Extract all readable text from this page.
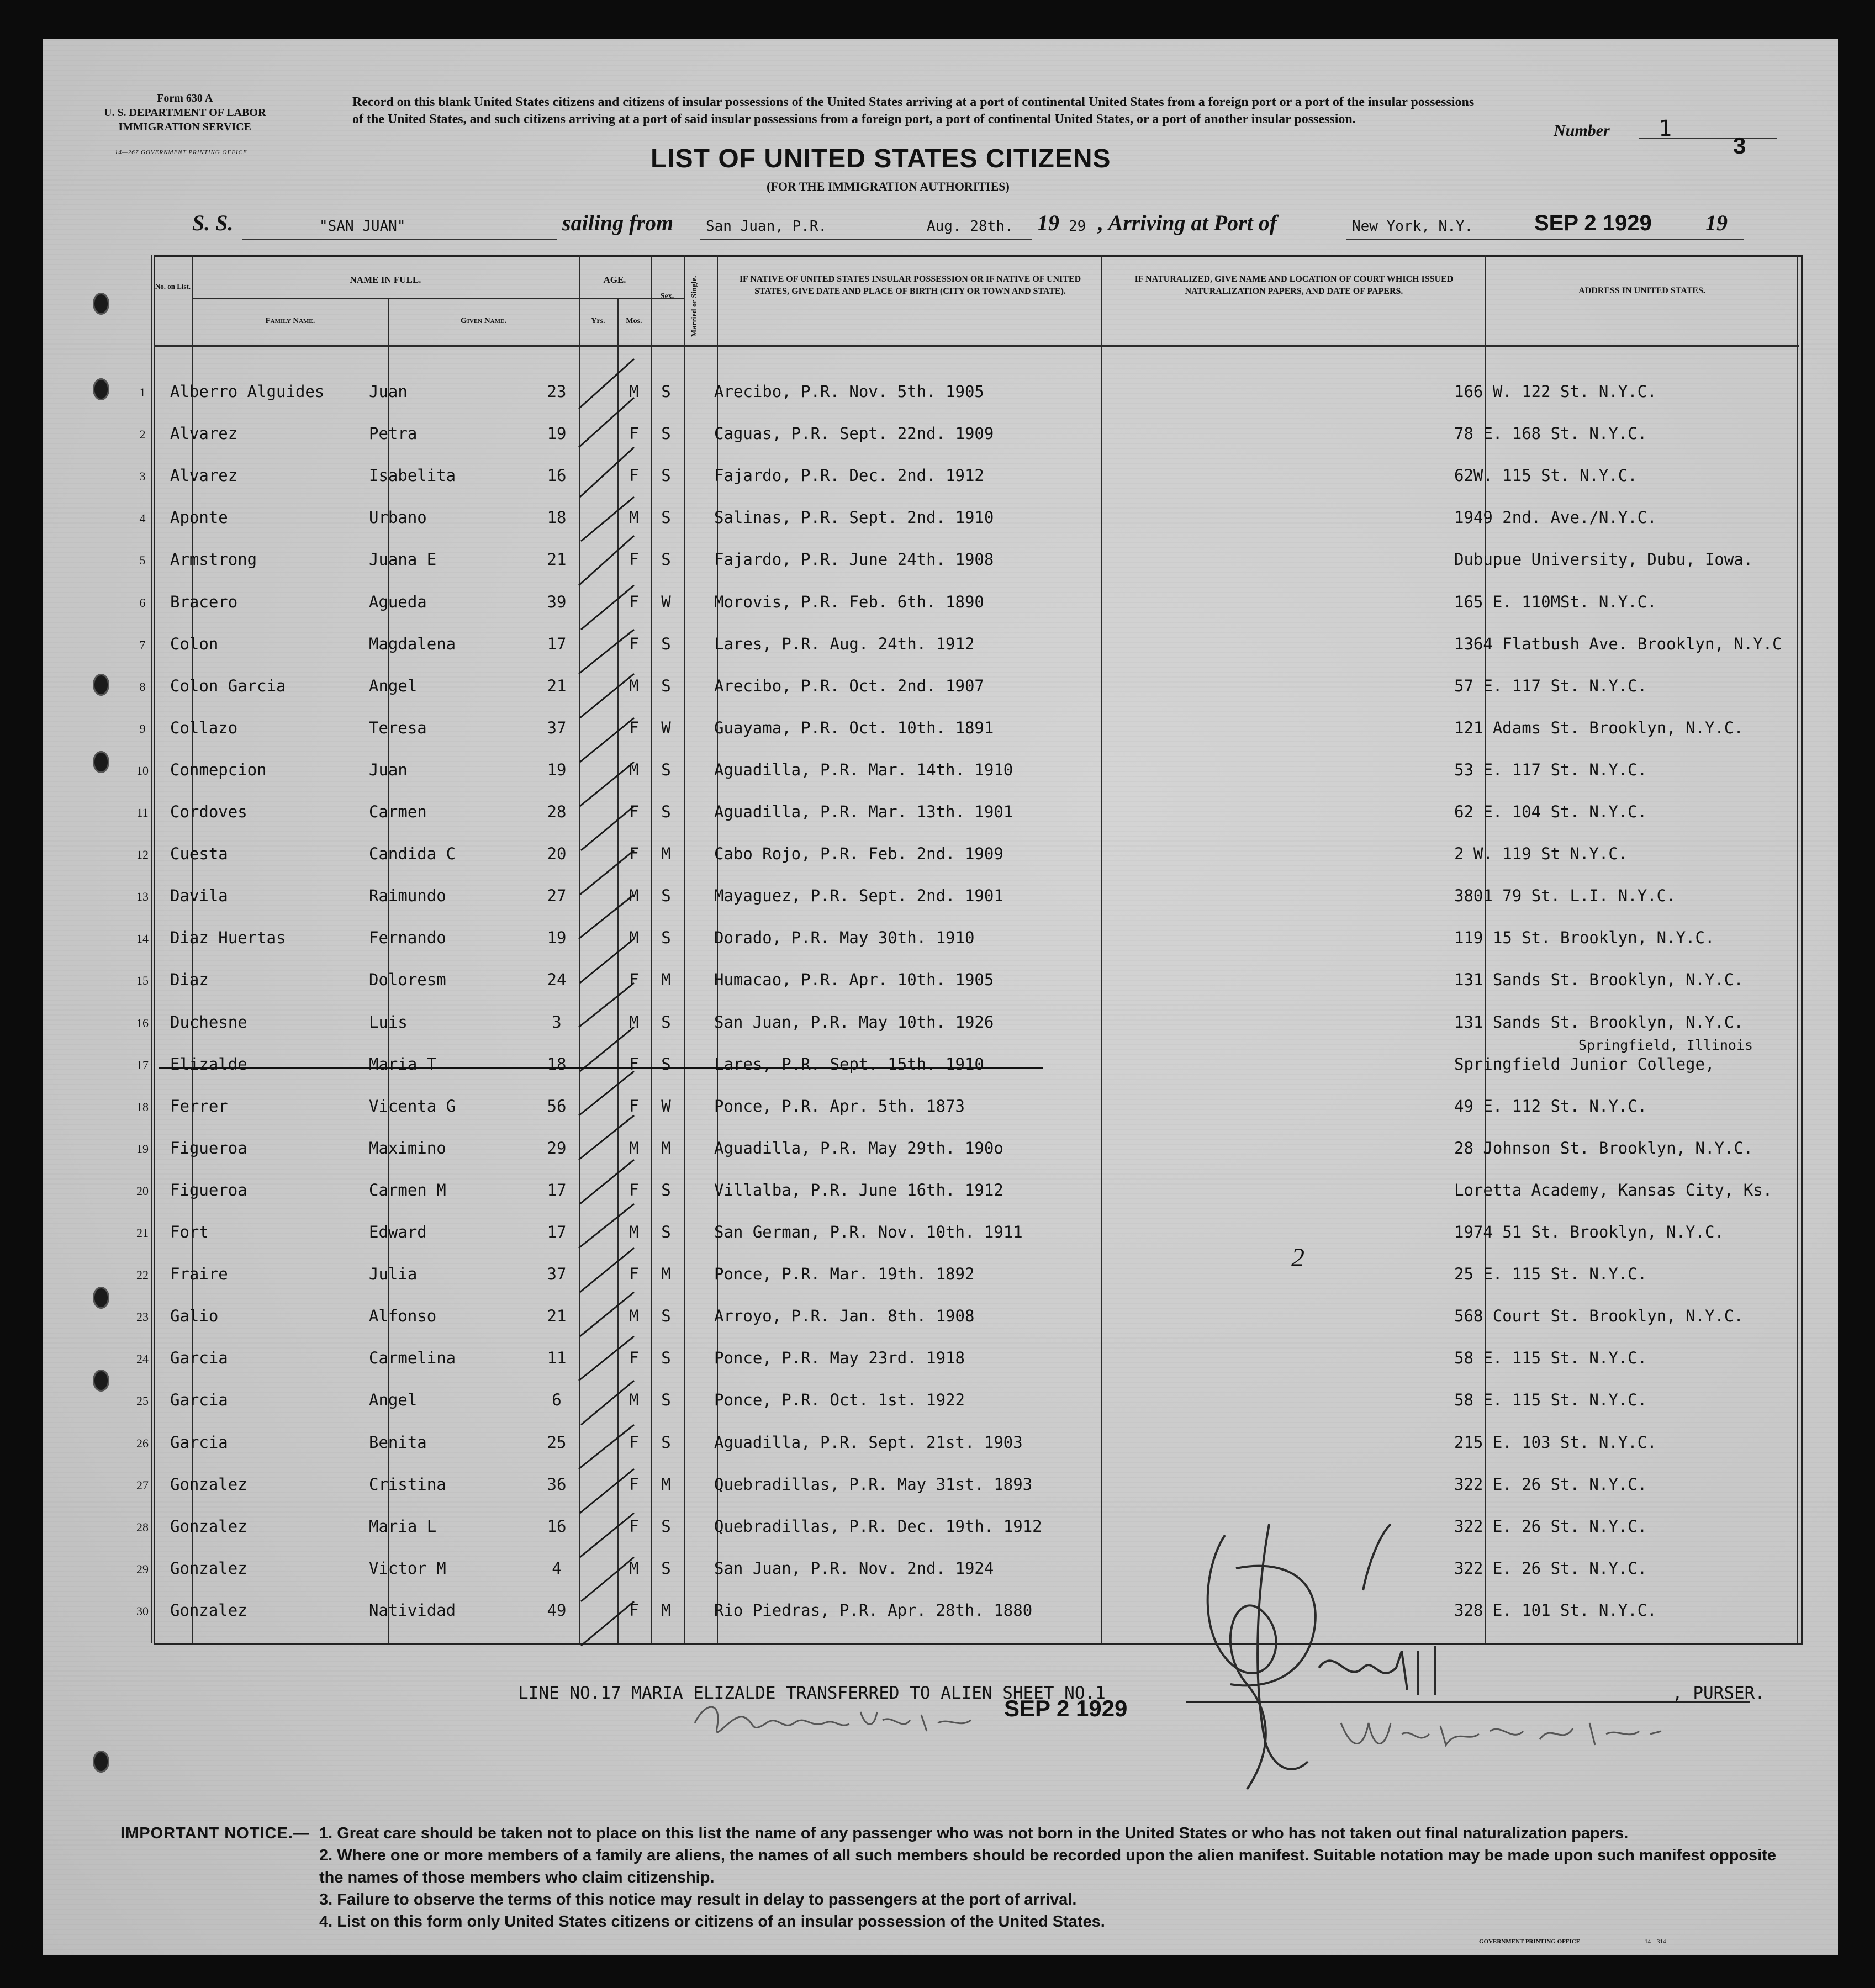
Form 630 A
U. S. DEPARTMENT OF LABOR
IMMIGRATION SERVICE
14—267 GOVERNMENT PRINTING OFFICE
Record on this blank United States citizens and citizens of insular possessions of the United States arriving at a port of continental United States from a foreign port or a port of the insular possessions of the United States, and such citizens arriving at a port of said insular possessions from a foreign port, a port of continental United States, or a port of another insular possession.
Number 1
3
LIST OF UNITED STATES CITIZENS
(FOR THE IMMIGRATION AUTHORITIES)
S. S.	"SAN JUAN"	sailing from San Juan, P.R.	Aug. 28th. 19 29 , Arriving at Port of	New York, N.Y.	SEP 2 1929 19
No. on List.
NAME IN FULL.
Family Name.	Given Name.
AGE.
Yrs.	Mos.
Sex.	Married or Single.	IF NATIVE OF UNITED STATES INSULAR POSSESSION OR IF NATIVE OF UNITED STATES, GIVE DATE AND PLACE OF BIRTH (CITY OR TOWN AND STATE).
IF NATURALIZED, GIVE NAME AND LOCATION OF COURT WHICH ISSUED NATURALIZATION PAPERS, AND DATE OF PAPERS.	ADDRESS IN UNITED STATES.
1	Alberro Alguides	Juan	23	M	S	Arecibo, P.R. Nov. 5th. 1905	166 W. 122 St. N.Y.C.
2	Alvarez	Petra	19	F	S	Caguas, P.R. Sept. 22nd. 1909	78 E. 168 St. N.Y.C.
3	Alvarez	Isabelita	16	F	S	Fajardo, P.R. Dec. 2nd. 1912	62W. 115 St. N.Y.C.
4	Aponte	Urbano	18	M	S	Salinas, P.R. Sept. 2nd. 1910	1949 2nd. Ave./N.Y.C.
5	Armstrong	Juana E	21	F	S	Fajardo, P.R. June 24th. 1908	Dubupue University, Dubu, Iowa.
6	Bracero	Agueda	39	F	W	Morovis, P.R. Feb. 6th. 1890	165 E. 110MSt. N.Y.C.
7	Colon	Magdalena	17	F	S	Lares, P.R. Aug. 24th. 1912	1364 Flatbush Ave. Brooklyn, N.Y.C
8	Colon Garcia	Angel	21	M	S	Arecibo, P.R. Oct. 2nd. 1907	57 E. 117 St. N.Y.C.
9	Collazo	Teresa	37	F	W	Guayama, P.R. Oct. 10th. 1891	121 Adams St. Brooklyn, N.Y.C.
10	Conmepcion	Juan	19	M	S	Aguadilla, P.R. Mar. 14th. 1910	53 E. 117 St. N.Y.C.
11	Cordoves	Carmen	28	F	S	Aguadilla, P.R. Mar. 13th. 1901	62 E. 104 St. N.Y.C.
12	Cuesta	Candida C	20	F	M	Cabo Rojo, P.R. Feb. 2nd. 1909	2 W. 119 St N.Y.C.
13	Davila	Raimundo	27	M	S	Mayaguez, P.R. Sept. 2nd. 1901	3801 79 St. L.I. N.Y.C.
14	Diaz Huertas	Fernando	19	M	S	Dorado, P.R. May 30th. 1910	119 15 St. Brooklyn, N.Y.C.
15	Diaz	Doloresm	24	F	M	Humacao, P.R. Apr. 10th. 1905	131 Sands St. Brooklyn, N.Y.C.
16	Duchesne	Luis	3	M	S	San Juan, P.R. May 10th. 1926	131 Sands St. Brooklyn, N.Y.C.
17	Elizalde	Maria T	18	F	S	Lares, P.R. Sept. 15th. 1910	Springfield Junior College,
Springfield, Illinois
18	Ferrer	Vicenta G	56	F	W	Ponce, P.R. Apr. 5th. 1873	49 E. 112 St. N.Y.C.
19	Figueroa	Maximino	29	M	M	Aguadilla, P.R. May 29th. 190o	28 Johnson St. Brooklyn, N.Y.C.
20	Figueroa	Carmen M	17	F	S	Villalba, P.R. June 16th. 1912	Loretta Academy, Kansas City, Ks.
21	Fort	Edward	17	M	S	San German, P.R. Nov. 10th. 1911	1974 51 St. Brooklyn, N.Y.C.
22	Fraire	Julia	37	F	M	Ponce, P.R. Mar. 19th. 1892	25 E. 115 St. N.Y.C.
23	Galio	Alfonso	21	M	S	Arroyo, P.R. Jan. 8th. 1908	568 Court St. Brooklyn, N.Y.C.
24	Garcia	Carmelina	11	F	S	Ponce, P.R. May 23rd. 1918	58 E. 115 St. N.Y.C.
25	Garcia	Angel	6	M	S	Ponce, P.R. Oct. 1st. 1922	58 E. 115 St. N.Y.C.
26	Garcia	Benita	25	F	S	Aguadilla, P.R. Sept. 21st. 1903	215 E. 103 St. N.Y.C.
27	Gonzalez	Cristina	36	F	M	Quebradillas, P.R. May 31st. 1893	322 E. 26 St. N.Y.C.
28	Gonzalez	Maria L	16	F	S	Quebradillas, P.R. Dec. 19th. 1912	322 E. 26 St. N.Y.C.
29	Gonzalez	Victor M	4	M	S	San Juan, P.R. Nov. 2nd. 1924	322 E. 26 St. N.Y.C.
30	Gonzalez	Natividad	49	F	M	Rio Piedras, P.R. Apr. 28th. 1880	328 E. 101 St. N.Y.C.
2
LINE NO.17 MARIA ELIZALDE TRANSFERRED TO ALIEN SHEET NO.1
SEP 2 1929
, PURSER.
IMPORTANT NOTICE.— 1. Great care should be taken not to place on this list the name of any passenger who was not born in the United States or who has not taken out final naturalization papers.
2. Where one or more members of a family are aliens, the names of all such members should be recorded upon the alien manifest. Suitable notation may be made upon such manifest opposite the names of those members who claim citizenship.
3. Failure to observe the terms of this notice may result in delay to passengers at the port of arrival.
4. List on this form only United States citizens or citizens of an insular possession of the United States.
GOVERNMENT PRINTING OFFICE	14—314
